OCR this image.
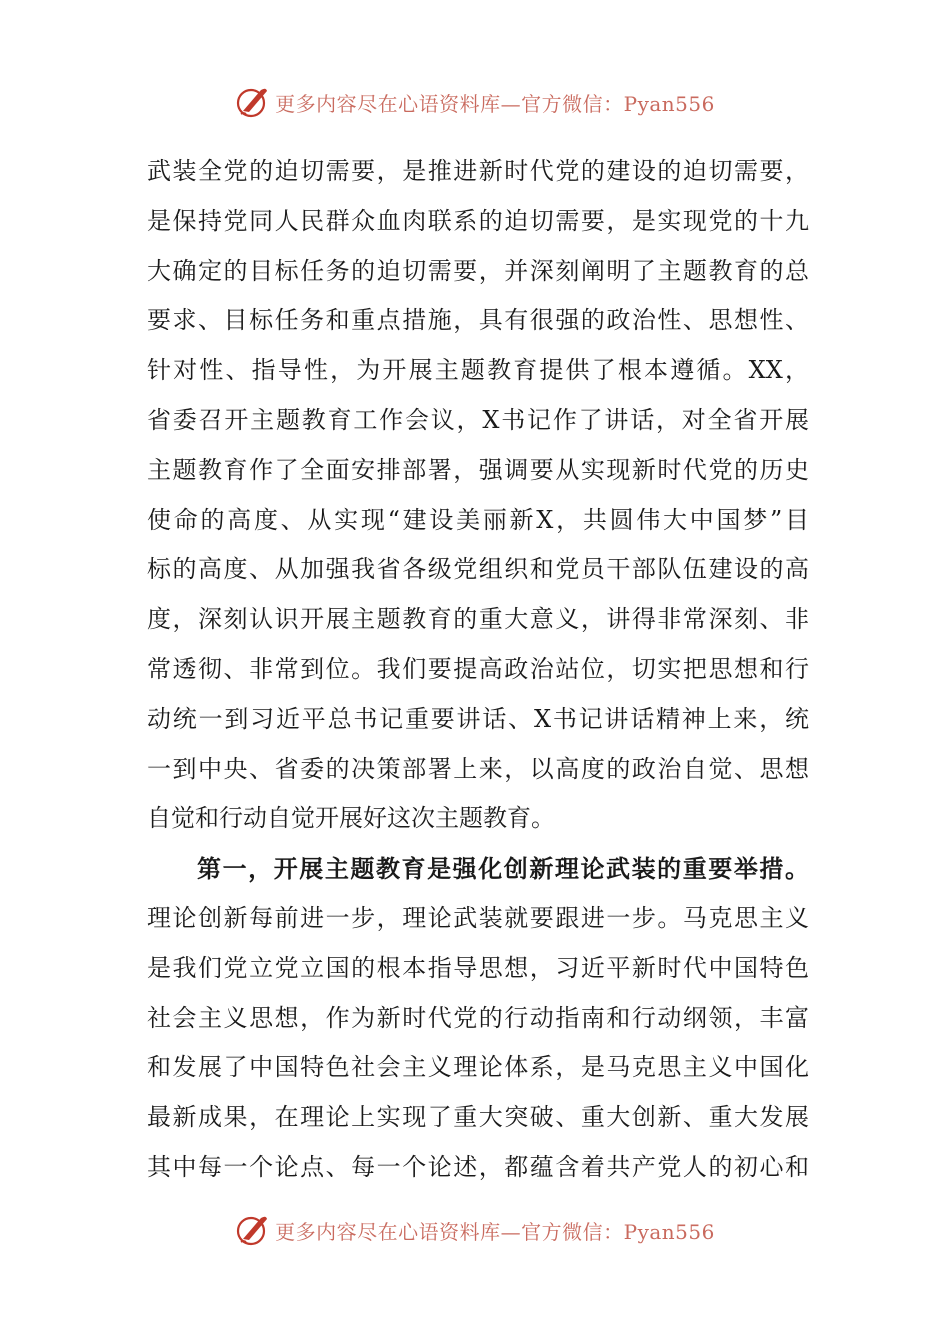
更多内容尽在心语资料库—官方微信：Pyan556
武装全党的迫切需要，是推进新时代党的建设的迫切需要，
是保持党同人民群众血肉联系的迫切需要，是实现党的十九
大确定的目标任务的迫切需要，并深刻阐明了主题教育的总
要求、目标任务和重点措施，具有很强的政治性、思想性、
针对性、指导性，为开展主题教育提供了根本遵循。XX，
省委召开主题教育工作会议，X书记作了讲话，对全省开展
主题教育作了全面安排部署，强调要从实现新时代党的历史
使命的高度、从实现“建设美丽新X，共圆伟大中国梦”目
标的高度、从加强我省各级党组织和党员干部队伍建设的高
度，深刻认识开展主题教育的重大意义，讲得非常深刻、非
常透彻、非常到位。我们要提高政治站位，切实把思想和行
动统一到习近平总书记重要讲话、X书记讲话精神上来，统
一到中央、省委的决策部署上来，以高度的政治自觉、思想
自觉和行动自觉开展好这次主题教育。
第一，开展主题教育是强化创新理论武装的重要举措。
理论创新每前进一步，理论武装就要跟进一步。马克思主义
是我们党立党立国的根本指导思想，习近平新时代中国特色
社会主义思想，作为新时代党的行动指南和行动纲领，丰富
和发展了中国特色社会主义理论体系，是马克思主义中国化
最新成果，在理论上实现了重大突破、重大创新、重大发展
其中每一个论点、每一个论述，都蕴含着共产党人的初心和
更多内容尽在心语资料库—官方微信：Pyan556
